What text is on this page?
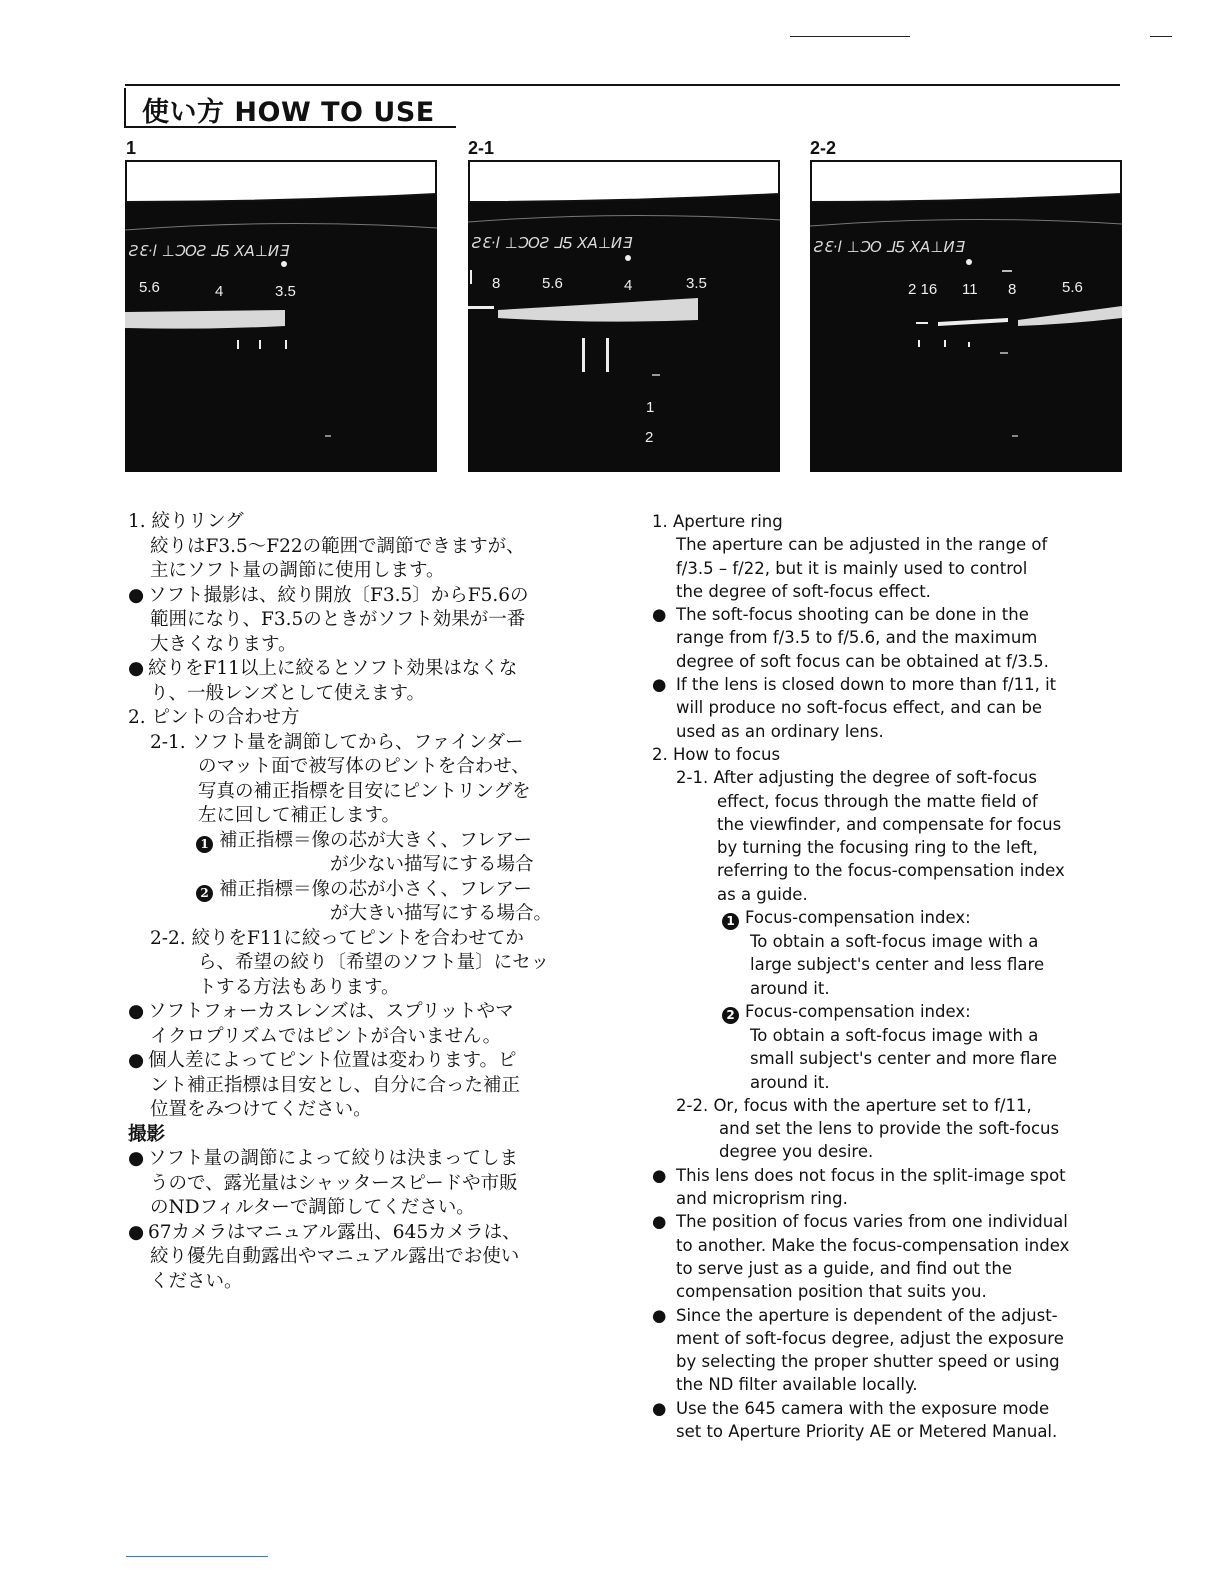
使い方 HOW TO USE
1	2-1	2-2
ƧƐ·l ⊥ƆOƧ ⅃Ƽ XA⊥ИƎ
5.6	4	3.5
ƧƐ·l ⊥ƆOƧ ⅃Ƽ XA⊥ИƎ
8	5.6	4	3.5
1
2
ƧƐ·l ⊥ƆO ⅃Ƽ XA⊥ИƎ
2 16 11 8	5.6
1. 絞りリング
絞りはF3.5～F22の範囲で調節できますが、
主にソフト量の調節に使用します。
● ソフト撮影は、絞り開放〔F3.5〕からF5.6の
範囲になり、F3.5のときがソフト効果が一番
大きくなります。
● 絞りをF11以上に絞るとソフト効果はなくな
り、一般レンズとして使えます。
2. ピントの合わせ方
2-1. ソフト量を調節してから、ファインダー
のマット面で被写体のピントを合わせ、
写真の補正指標を目安にピントリングを
左に回して補正します。
1 補正指標＝像の芯が大きく、フレアー
が少ない描写にする場合
2 補正指標＝像の芯が小さく、フレアー
が大きい描写にする場合。
2-2. 絞りをF11に絞ってピントを合わせてか
ら、希望の絞り〔希望のソフト量〕にセッ
トする方法もあります。
● ソフトフォーカスレンズは、スプリットやマ
イクロプリズムではピントが合いません。
● 個人差によってピント位置は変わります。ピ
ント補正指標は目安とし、自分に合った補正
位置をみつけてください。
撮影
● ソフト量の調節によって絞りは決まってしま
うので、露光量はシャッタースピードや市販
のNDフィルターで調節してください。
● 67カメラはマニュアル露出、645カメラは、
絞り優先自動露出やマニュアル露出でお使い
ください。
1. Aperture ring
The aperture can be adjusted in the range of
f/3.5 – f/22, but it is mainly used to control
the degree of soft-focus effect.
● The soft-focus shooting can be done in the
range from f/3.5 to f/5.6, and the maximum
degree of soft focus can be obtained at f/3.5.
● If the lens is closed down to more than f/11, it
will produce no soft-focus effect, and can be
used as an ordinary lens.
2. How to focus
2-1. After adjusting the degree of soft-focus
effect, focus through the matte field of
the viewfinder, and compensate for focus
by turning the focusing ring to the left,
referring to the focus-compensation index
as a guide.
1 Focus-compensation index:
To obtain a soft-focus image with a
large subject's center and less flare
around it.
2 Focus-compensation index:
To obtain a soft-focus image with a
small subject's center and more flare
around it.
2-2. Or, focus with the aperture set to f/11,
and set the lens to provide the soft-focus
degree you desire.
● This lens does not focus in the split-image spot
and microprism ring.
● The position of focus varies from one individual
to another. Make the focus-compensation index
to serve just as a guide, and find out the
compensation position that suits you.
● Since the aperture is dependent of the adjust-
ment of soft-focus degree, adjust the exposure
by selecting the proper shutter speed or using
the ND filter available locally.
● Use the 645 camera with the exposure mode
set to Aperture Priority AE or Metered Manual.
